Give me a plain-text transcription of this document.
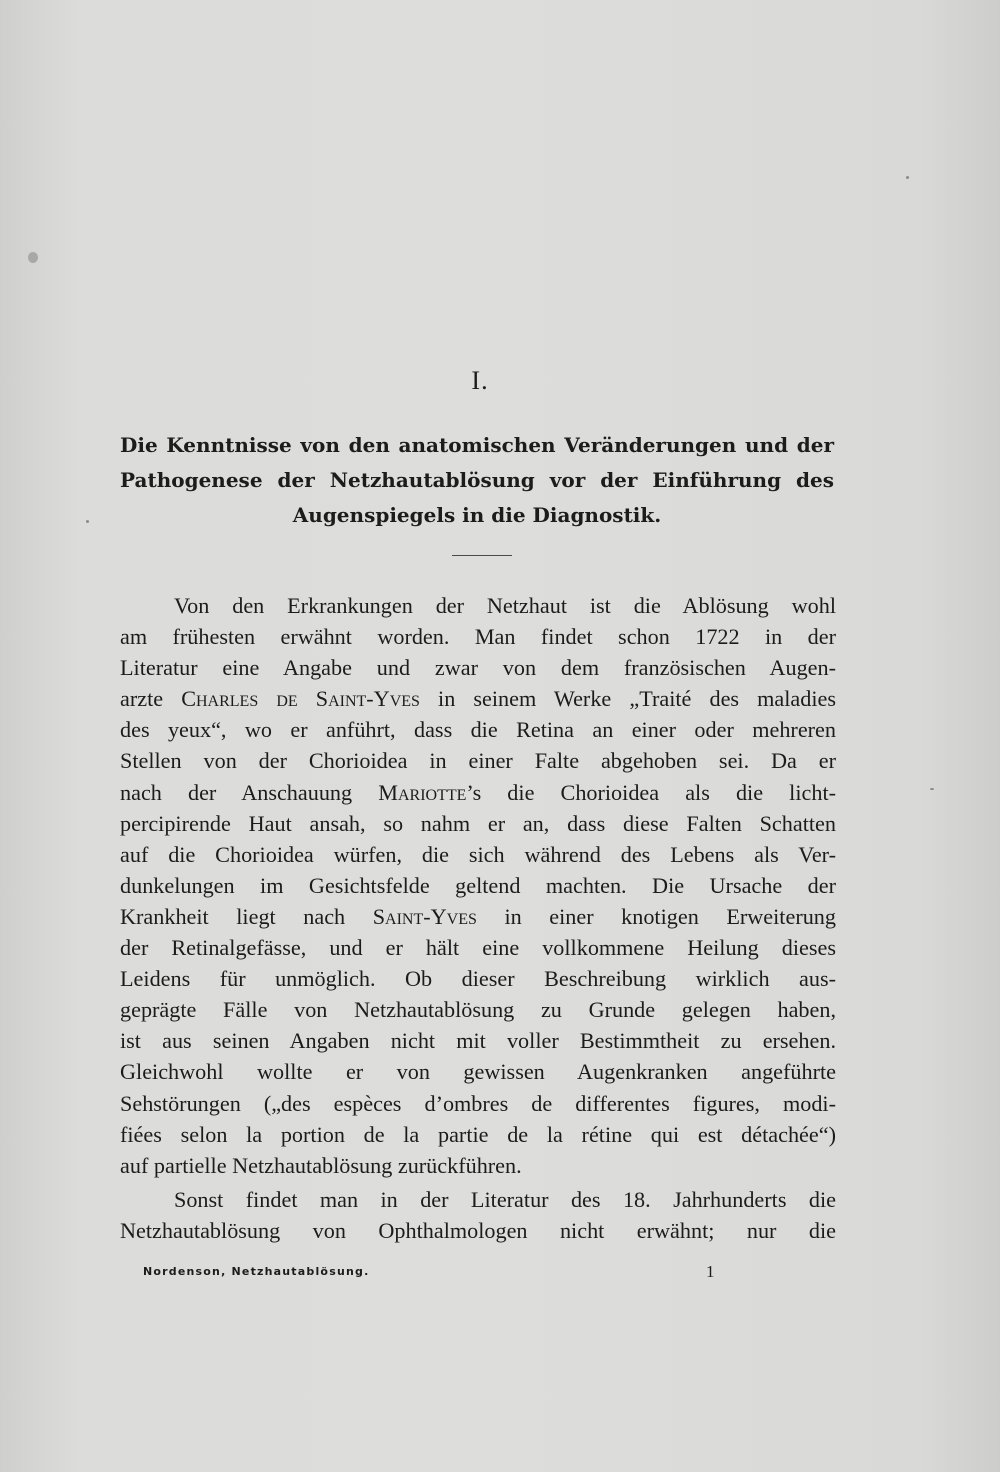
I.
Die Kenntnisse von den anatomischen Veränderungen und der
Pathogenese der Netzhautablösung vor der Einführung des
Augenspiegels in die Diagnostik.
Von den Erkrankungen der Netzhaut ist die Ablösung wohl
am frühesten erwähnt worden. Man findet schon 1722 in der
Literatur eine Angabe und zwar von dem französischen Augen-
arzte Charles de Saint-Yves in seinem Werke „Traité des maladies
des yeux“, wo er anführt, dass die Retina an einer oder mehreren
Stellen von der Chorioidea in einer Falte abgehoben sei. Da er
nach der Anschauung Mariotte’s die Chorioidea als die licht-
percipirende Haut ansah, so nahm er an, dass diese Falten Schatten
auf die Chorioidea würfen, die sich während des Lebens als Ver-
dunkelungen im Gesichtsfelde geltend machten. Die Ursache der
Krankheit liegt nach Saint-Yves in einer knotigen Erweiterung
der Retinalgefässe, und er hält eine vollkommene Heilung dieses
Leidens für unmöglich. Ob dieser Beschreibung wirklich aus-
geprägte Fälle von Netzhautablösung zu Grunde gelegen haben,
ist aus seinen Angaben nicht mit voller Bestimmtheit zu ersehen.
Gleichwohl wollte er von gewissen Augenkranken angeführte
Sehstörungen („des espèces d’ombres de differentes figures, modi-
fiées selon la portion de la partie de la rétine qui est détachée“)
auf partielle Netzhautablösung zurückführen.
Sonst findet man in der Literatur des 18. Jahrhunderts die
Netzhautablösung von Ophthalmologen nicht erwähnt; nur die
Nordenson, Netzhautablösung.	1
